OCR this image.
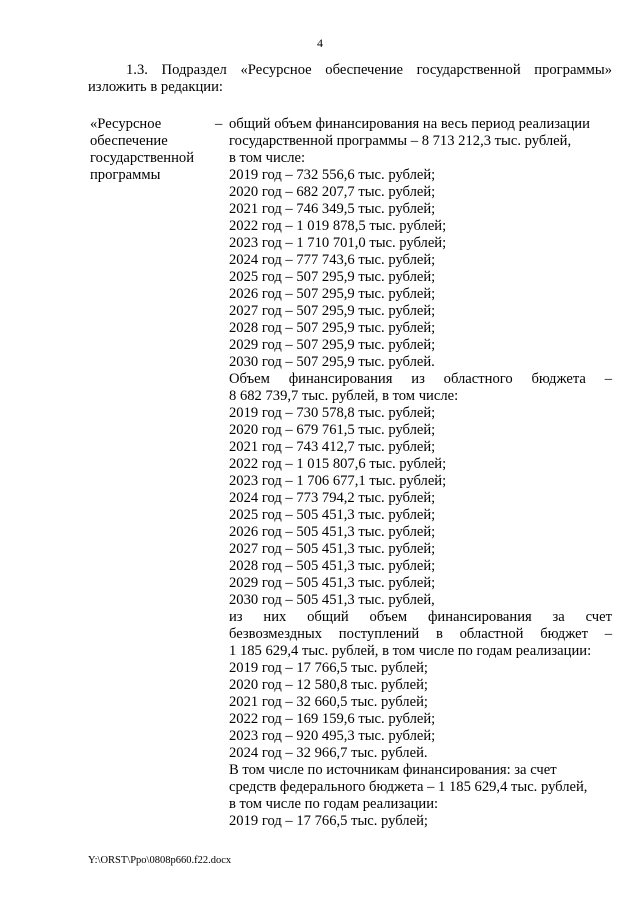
4

1.3. Подраздел «Ресурсное обеспечение государственной программы»

изложить в редакции:

«Ресурсное
обеспечение
государственной
программы
– общий объем финансирования на весь период реализации
государственной программы – 8 713 212,3 тыс. рублей,
в том числе:
2019 год – 732 556,6 тыс. рублей;
2020 год – 682 207,7 тыс. рублей;
2021 год – 746 349,5 тыс. рублей;
2022 год – 1 019 878,5 тыс. рублей;
2023 год – 1 710 701,0 тыс. рублей;
2024 год – 777 743,6 тыс. рублей;
2025 год – 507 295,9 тыс. рублей;
2026 год – 507 295,9 тыс. рублей;
2027 год – 507 295,9 тыс. рублей;
2028 год – 507 295,9 тыс. рублей;
2029 год – 507 295,9 тыс. рублей;
2030 год – 507 295,9 тыс. рублей.
Объем финансирования из областного бюджета –
8 682 739,7 тыс. рублей, в том числе:
2019 год – 730 578,8 тыс. рублей;
2020 год – 679 761,5 тыс. рублей;
2021 год – 743 412,7 тыс. рублей;
2022 год – 1 015 807,6 тыс. рублей;
2023 год – 1 706 677,1 тыс. рублей;
2024 год – 773 794,2 тыс. рублей;
2025 год – 505 451,3 тыс. рублей;
2026 год – 505 451,3 тыс. рублей;
2027 год – 505 451,3 тыс. рублей;
2028 год – 505 451,3 тыс. рублей;
2029 год – 505 451,3 тыс. рублей;
2030 год – 505 451,3 тыс. рублей,
из них общий объем финансирования за счет
безвозмездных поступлений в областной бюджет –
1 185 629,4 тыс. рублей, в том числе по годам реализации:
2019 год – 17 766,5 тыс. рублей;
2020 год – 12 580,8 тыс. рублей;
2021 год – 32 660,5 тыс. рублей;
2022 год – 169 159,6 тыс. рублей;
2023 год – 920 495,3 тыс. рублей;
2024 год – 32 966,7 тыс. рублей.
В том числе по источникам финансирования: за счет
средств федерального бюджета – 1 185 629,4 тыс. рублей,
в том числе по годам реализации:
2019 год – 17 766,5 тыс. рублей;
Y:\ORST\Ppo\0808p660.f22.docx
